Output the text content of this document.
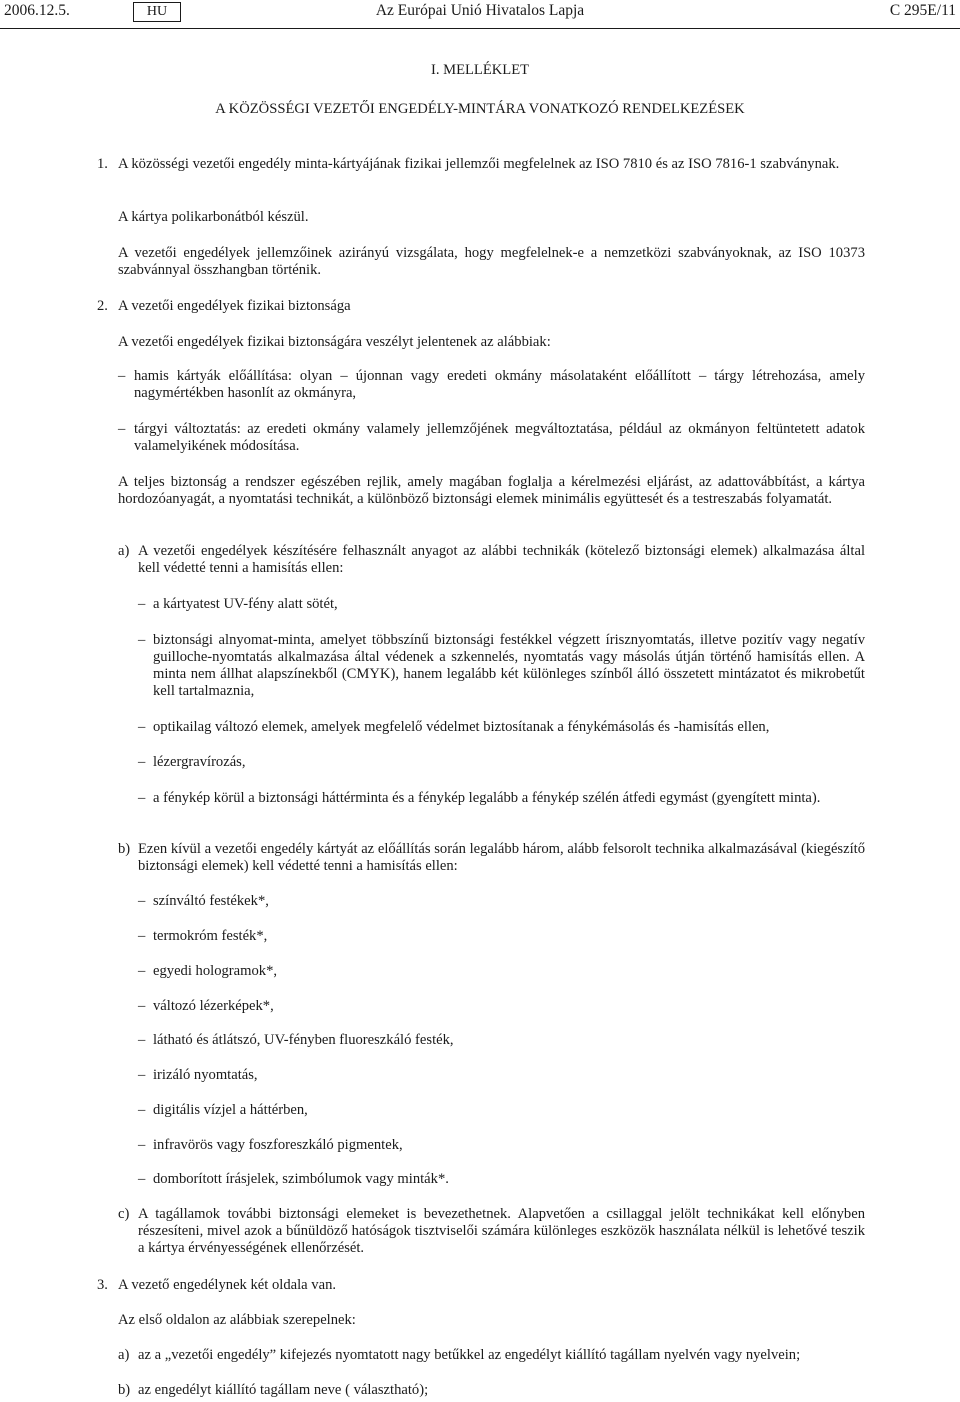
2006.12.5.	HU	Az Európai Unió Hivatalos Lapja	C 295E/11
I. MELLÉKLET
A KÖZÖSSÉGI VEZETŐI ENGEDÉLY-MINTÁRA VONATKOZÓ RENDELKEZÉSEK
1. A közösségi vezetői engedély minta-kártyájának fizikai jellemzői megfelelnek az ISO 7810 és az ISO 7816-1 szabványnak.
A kártya polikarbonátból készül.
A vezetői engedélyek jellemzőinek azirányú vizsgálata, hogy megfelelnek-e a nemzetközi szabványoknak, az ISO 10373 szabvánnyal összhangban történik.
2. A vezetői engedélyek fizikai biztonsága
A vezetői engedélyek fizikai biztonságára veszélyt jelentenek az alábbiak:
– hamis kártyák előállítása: olyan – újonnan vagy eredeti okmány másolataként előállított – tárgy létrehozása, amely nagymértékben hasonlít az okmányra,
– tárgyi változtatás: az eredeti okmány valamely jellemzőjének megváltoztatása, például az okmányon feltüntetett adatok valamelyikének módosítása.
A teljes biztonság a rendszer egészében rejlik, amely magában foglalja a kérelmezési eljárást, az adattovábbítást, a kártya hordozóanyagát, a nyomtatási technikát, a különböző biztonsági elemek minimális együttesét és a testreszabás folyamatát.
a) A vezetői engedélyek készítésére felhasznált anyagot az alábbi technikák (kötelező biztonsági elemek) alkalmazása által kell védetté tenni a hamisítás ellen:
– a kártyatest UV-fény alatt sötét,
– biztonsági alnyomat-minta, amelyet többszínű biztonsági festékkel végzett írisznyomtatás, illetve pozitív vagy negatív guilloche-nyomtatás alkalmazása által védenek a szkennelés, nyomtatás vagy másolás útján történő hamisítás ellen. A minta nem állhat alapszínekből (CMYK), hanem legalább két különleges színből álló összetett mintázatot és mikrobetűt kell tartalmaznia,
– optikailag változó elemek, amelyek megfelelő védelmet biztosítanak a fénykémásolás és -hamisítás ellen,
– lézergravírozás,
– a fénykép körül a biztonsági háttérminta és a fénykép legalább a fénykép szélén átfedi egymást (gyengített minta).
b) Ezen kívül a vezetői engedély kártyát az előállítás során legalább három, alább felsorolt technika alkalmazásával (kiegészítő biztonsági elemek) kell védetté tenni a hamisítás ellen:
– színváltó festékek*,
– termokróm festék*,
– egyedi hologramok*,
– változó lézerképek*,
– látható és átlátszó, UV-fényben fluoreszkáló festék,
– irizáló nyomtatás,
– digitális vízjel a háttérben,
– infravörös vagy foszforeszkáló pigmentek,
– domborított írásjelek, szimbólumok vagy minták*.
c) A tagállamok további biztonsági elemeket is bevezethetnek. Alapvetően a csillaggal jelölt technikákat kell előnyben részesíteni, mivel azok a bűnüldöző hatóságok tisztviselői számára különleges eszközök használata nélkül is lehetővé teszik a kártya érvényességének ellenőrzését.
3. A vezető engedélynek két oldala van.
Az első oldalon az alábbiak szerepelnek:
a) az a „vezetői engedély” kifejezés nyomtatott nagy betűkkel az engedélyt kiállító tagállam nyelvén vagy nyelvein;
b) az engedélyt kiállító tagállam neve ( választható);
